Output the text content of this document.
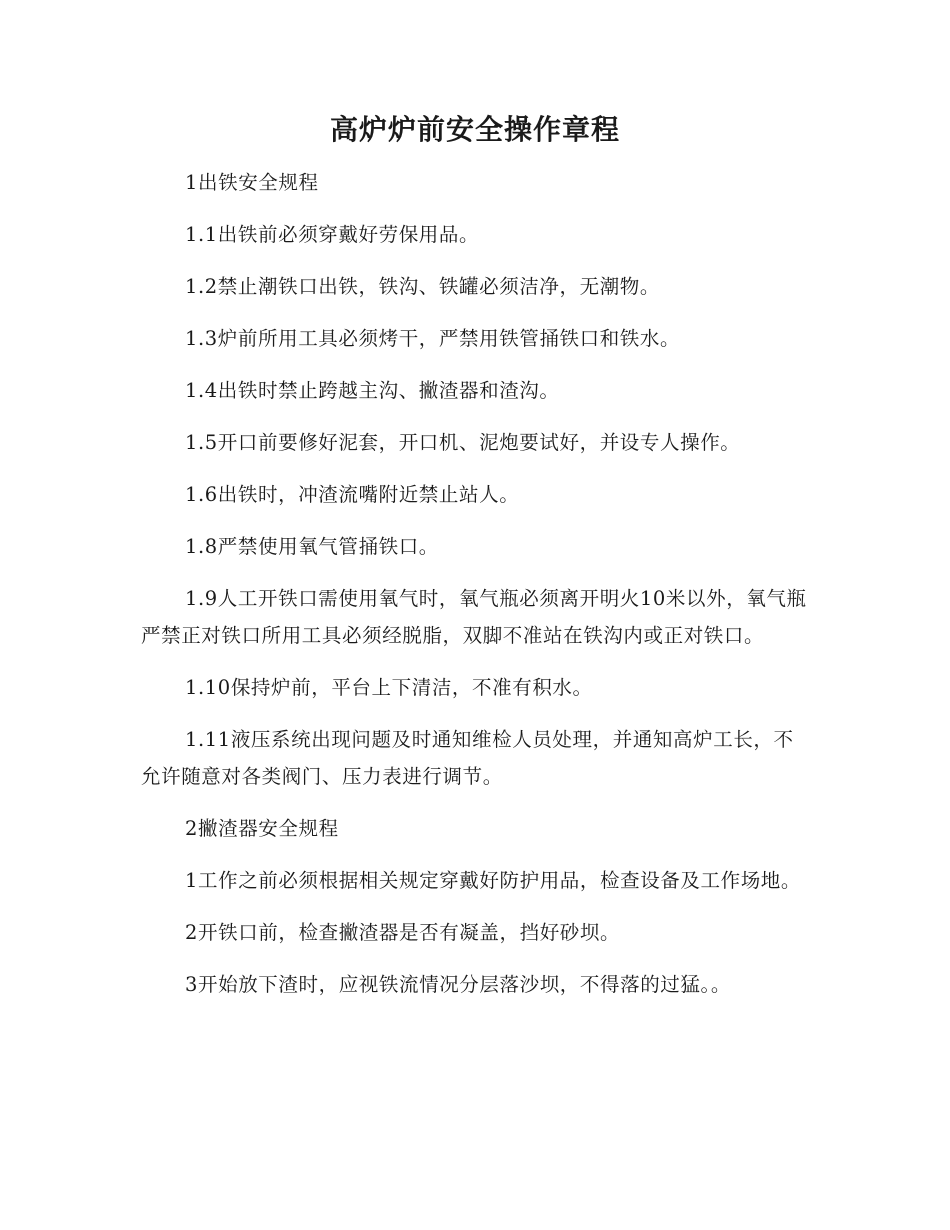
高炉炉前安全操作章程

1出铁安全规程

1.1出铁前必须穿戴好劳保用品。

1.2禁止潮铁口出铁，铁沟、铁罐必须洁净，无潮物。

1.3炉前所用工具必须烤干，严禁用铁管捅铁口和铁水。

1.4出铁时禁止跨越主沟、撇渣器和渣沟。

1.5开口前要修好泥套，开口机、泥炮要试好，并设专人操作。

1.6出铁时，冲渣流嘴附近禁止站人。

1.8严禁使用氧气管捅铁口。

1.9人工开铁口需使用氧气时，氧气瓶必须离开明火10米以外，氧气瓶严禁正对铁口所用工具必须经脱脂，双脚不准站在铁沟内或正对铁口。

1.10保持炉前，平台上下清洁，不准有积水。

1.11液压系统出现问题及时通知维检人员处理，并通知高炉工长，不允许随意对各类阀门、压力表进行调节。

2撇渣器安全规程

1工作之前必须根据相关规定穿戴好防护用品，检查设备及工作场地。

2开铁口前，检查撇渣器是否有凝盖，挡好砂坝。

3开始放下渣时，应视铁流情况分层落沙坝，不得落的过猛。。
